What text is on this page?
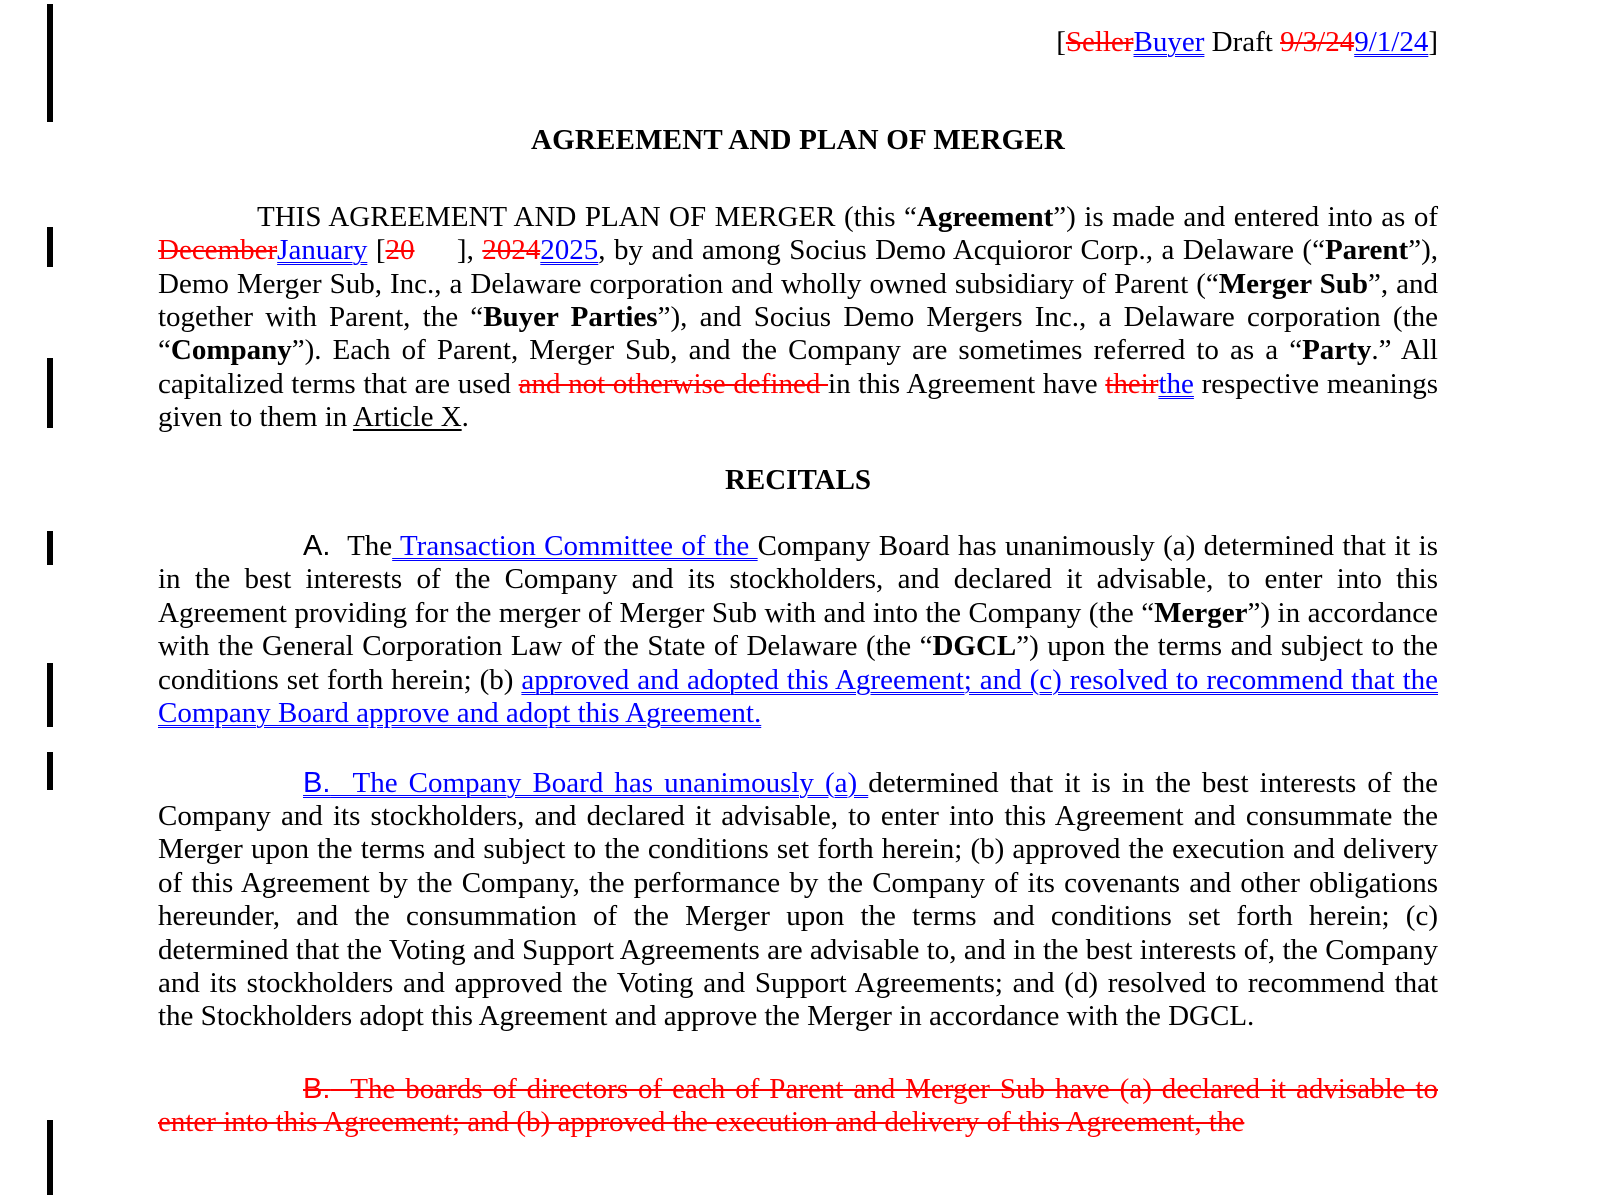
[SellerBuyer Draft 9/3/249/1/24]
AGREEMENT AND PLAN OF MERGER
THIS AGREEMENT AND PLAN OF MERGER (this “Agreement”) is made and entered into as of DecemberJanuary [20 ], 20242025, by and among Socius Demo Acquioror Corp., a Delaware (“Parent”), Demo Merger Sub, Inc., a Delaware corporation and wholly owned subsidiary of Parent (“Merger Sub”, and together with Parent, the “Buyer Parties”), and Socius Demo Mergers Inc., a Delaware corporation (the “Company”). Each of Parent, Merger Sub, and the Company are sometimes referred to as a “Party.” All capitalized terms that are used and not otherwise defined in this Agreement have theirthe respective meanings given to them in Article X.
RECITALS
A.  The Transaction Committee of the Company Board has unanimously (a) determined that it is in the best interests of the Company and its stockholders, and declared it advisable, to enter into this Agreement providing for the merger of Merger Sub with and into the Company (the “Merger”) in accordance with the General Corporation Law of the State of Delaware (the “DGCL”) upon the terms and subject to the conditions set forth herein; (b) approved and adopted this Agreement; and (c) resolved to recommend that the Company Board approve and adopt this Agreement.
B.  The Company Board has unanimously (a) determined that it is in the best interests of the Company and its stockholders, and declared it advisable, to enter into this Agreement and consummate the Merger upon the terms and subject to the conditions set forth herein; (b) approved the execution and delivery of this Agreement by the Company, the performance by the Company of its covenants and other obligations hereunder, and the consummation of the Merger upon the terms and conditions set forth herein; (c) determined that the Voting and Support Agreements are advisable to, and in the best interests of, the Company and its stockholders and approved the Voting and Support Agreements; and (d) resolved to recommend that the Stockholders adopt this Agreement and approve the Merger in accordance with the DGCL.
B.  The boards of directors of each of Parent and Merger Sub have (a) declared it advisable to enter into this Agreement; and (b) approved the execution and delivery of this Agreement, the
